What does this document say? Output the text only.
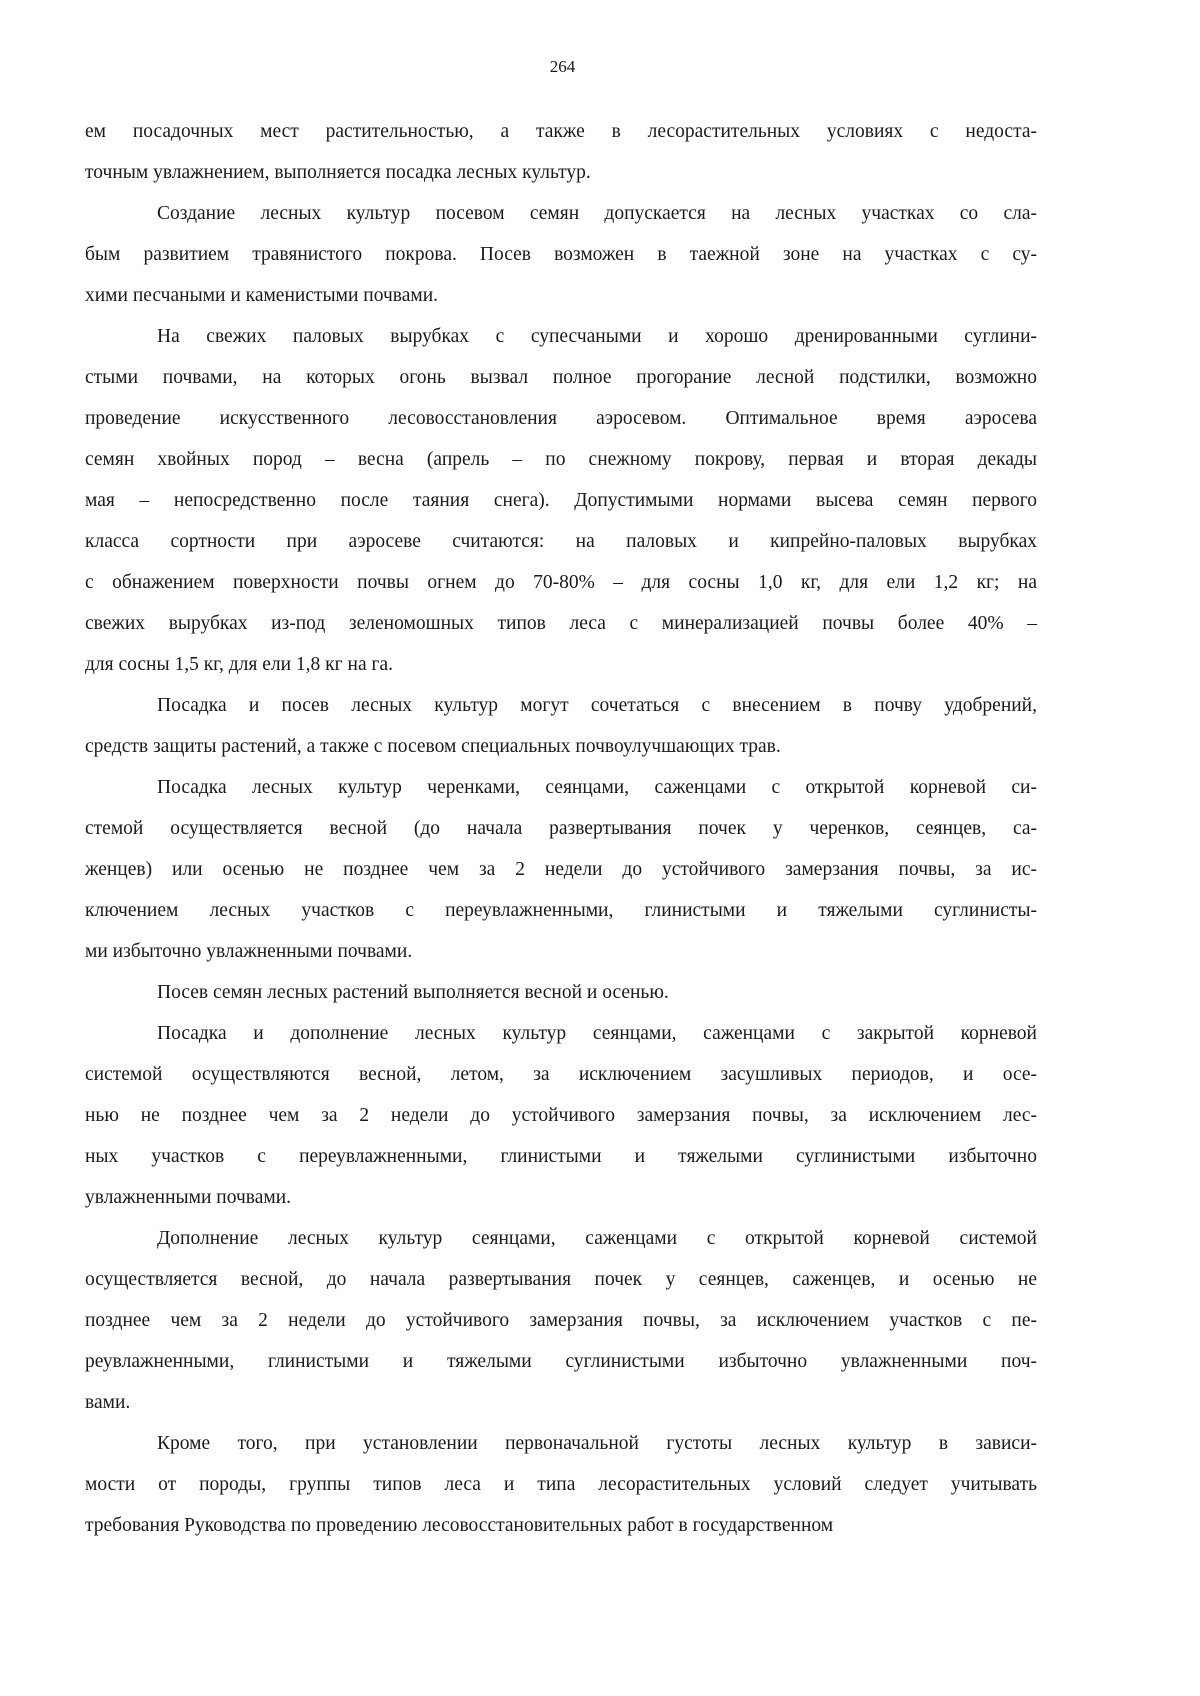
264

ем посадочных мест растительностью, а также в лесорастительных условиях с недоста-
точным увлажнением, выполняется посадка лесных культур.

Создание лесных культур посевом семян допускается на лесных участках со сла-
бым развитием травянистого покрова. Посев возможен в таежной зоне на участках с су-
хими песчаными и каменистыми почвами.

На свежих паловых вырубках с супесчаными и хорошо дренированными суглини-
стыми почвами, на которых огонь вызвал полное прогорание лесной подстилки, возможно
проведение искусственного лесовосстановления аэросевом. Оптимальное время аэросева
семян хвойных пород – весна (апрель – по снежному покрову, первая и вторая декады
мая – непосредственно после таяния снега). Допустимыми нормами высева семян первого
класса сортности при аэросеве считаются: на паловых и кипрейно-паловых вырубках
с обнажением поверхности почвы огнем до 70-80% – для сосны 1,0 кг, для ели 1,2 кг; на
свежих вырубках из-под зеленомошных типов леса с минерализацией почвы более 40% –
для сосны 1,5 кг, для ели 1,8 кг на га.

Посадка и посев лесных культур могут сочетаться с внесением в почву удобрений,
средств защиты растений, а также с посевом специальных почвоулучшающих трав.

Посадка лесных культур черенками, сеянцами, саженцами с открытой корневой си-
стемой осуществляется весной (до начала развертывания почек у черенков, сеянцев, са-
женцев) или осенью не позднее чем за 2 недели до устойчивого замерзания почвы, за ис-
ключением лесных участков с переувлажненными, глинистыми и тяжелыми суглинисты-
ми избыточно увлажненными почвами.

Посев семян лесных растений выполняется весной и осенью.

Посадка и дополнение лесных культур сеянцами, саженцами с закрытой корневой
системой осуществляются весной, летом, за исключением засушливых периодов, и осе-
нью не позднее чем за 2 недели до устойчивого замерзания почвы, за исключением лес-
ных участков с переувлажненными, глинистыми и тяжелыми суглинистыми избыточно
увлажненными почвами.

Дополнение лесных культур сеянцами, саженцами с открытой корневой системой
осуществляется весной, до начала развертывания почек у сеянцев, саженцев, и осенью не
позднее чем за 2 недели до устойчивого замерзания почвы, за исключением участков с пе-
реувлажненными, глинистыми и тяжелыми суглинистыми избыточно увлажненными поч-
вами.

Кроме того, при установлении первоначальной густоты лесных культур в зависи-
мости от породы, группы типов леса и типа лесорастительных условий следует учитывать
требования Руководства по проведению лесовосстановительных работ в государственном
